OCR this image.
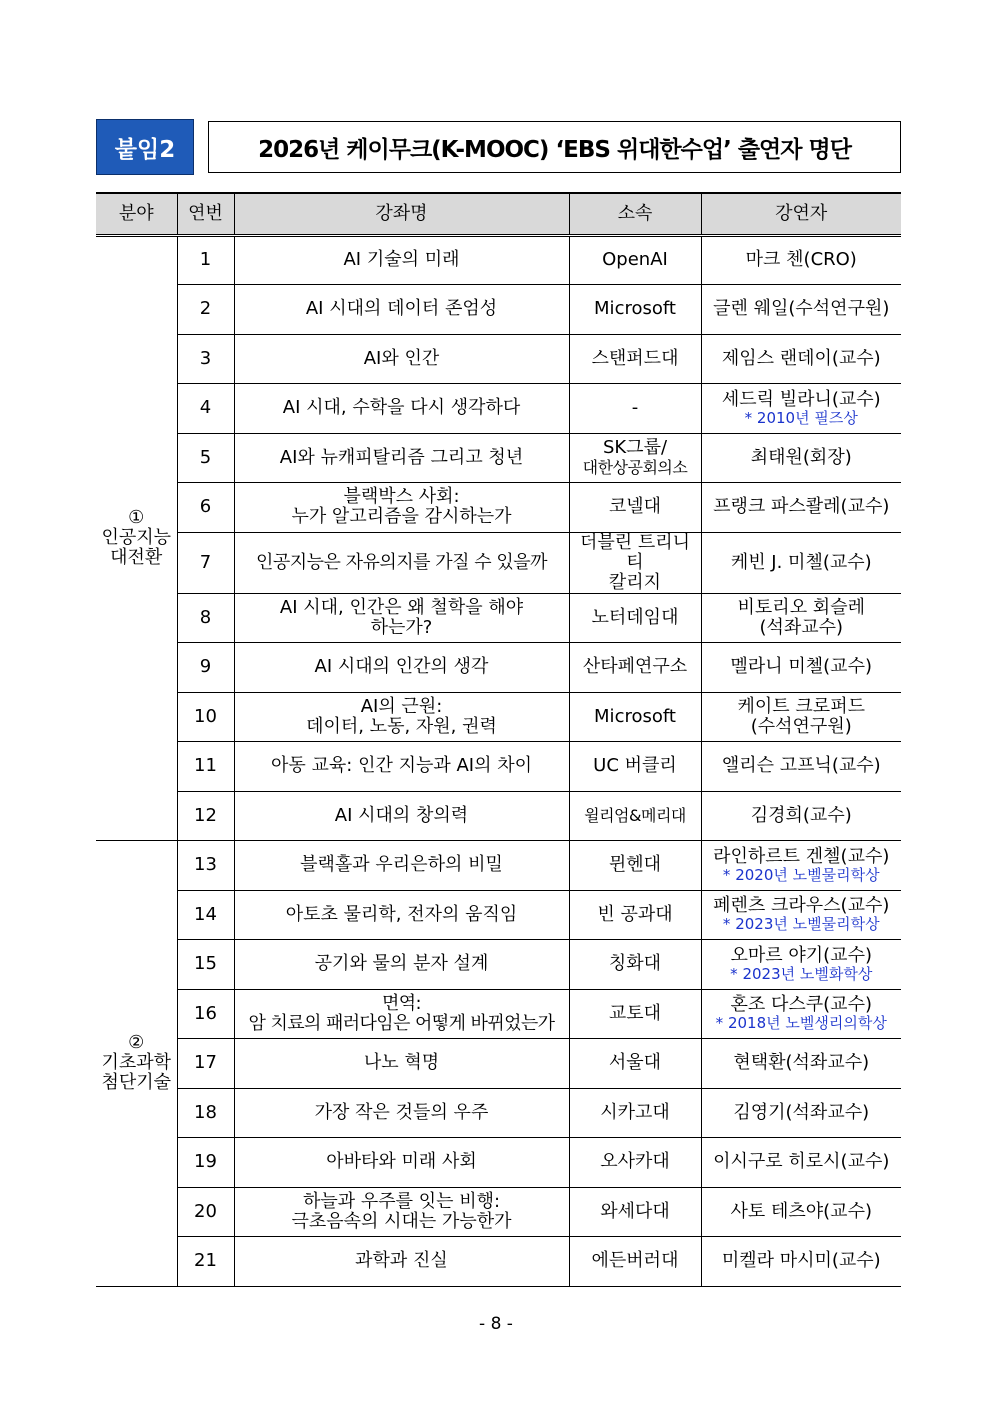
붙임2	2026년 케이무크(K-MOOC) ‘EBS 위대한수업’ 출연자 명단
분야	연번	강좌명	소속	강연자
①
인공지능
대전환	1	AI 기술의 미래	OpenAI	마크 첸(CRO)
	2	AI 시대의 데이터 존엄성	Microsoft	글렌 웨일(수석연구원)
	3	AI와 인간	스탠퍼드대	제임스 랜데이(교수)
	4	AI 시대, 수학을 다시 생각하다	-	세드릭 빌라니(교수)
* 2010년 필즈상

	5	AI와 뉴캐피탈리즘 그리고 청년	SK그룹/
대한상공회의소	최태원(회장)
	6	블랙박스 사회:
누가 알고리즘을 감시하는가	코넬대	프랭크 파스콸레(교수)
	7	인공지능은 자유의지를 가질 수 있을까	더블린 트리니티
칼리지	케빈 J. 미첼(교수)
	8	AI 시대, 인간은 왜 철학을 해야
하는가?	노터데임대	비토리오 회슬레
(석좌교수)
	9	AI 시대의 인간의 생각	산타페연구소	멜라니 미첼(교수)
	10	AI의 근원:
데이터, 노동, 자원, 권력	Microsoft	케이트 크로퍼드
(수석연구원)
	11	아동 교육: 인간 지능과 AI의 차이	UC 버클리	앨리슨 고프닉(교수)
	12	AI 시대의 창의력	윌리엄&메리대	김경희(교수)
②
기초과학
첨단기술	13	블랙홀과 우리은하의 비밀	뮌헨대	라인하르트 겐첼(교수)
* 2020년 노벨물리학상

	14	아토초 물리학, 전자의 움직임	빈 공과대	페렌츠 크라우스(교수)
* 2023년 노벨물리학상

	15	공기와 물의 분자 설계	칭화대	오마르 야기(교수)
* 2023년 노벨화학상

	16	면역:
암 치료의 패러다임은 어떻게 바뀌었는가	교토대	혼조 다스쿠(교수)
* 2018년 노벨생리의학상

	17	나노 혁명	서울대	현택환(석좌교수)
	18	가장 작은 것들의 우주	시카고대	김영기(석좌교수)
	19	아바타와 미래 사회	오사카대	이시구로 히로시(교수)
	20	하늘과 우주를 잇는 비행:
극초음속의 시대는 가능한가	와세다대	사토 테츠야(교수)
	21	과학과 진실	에든버러대	미켈라 마시미(교수)
- 8 -
